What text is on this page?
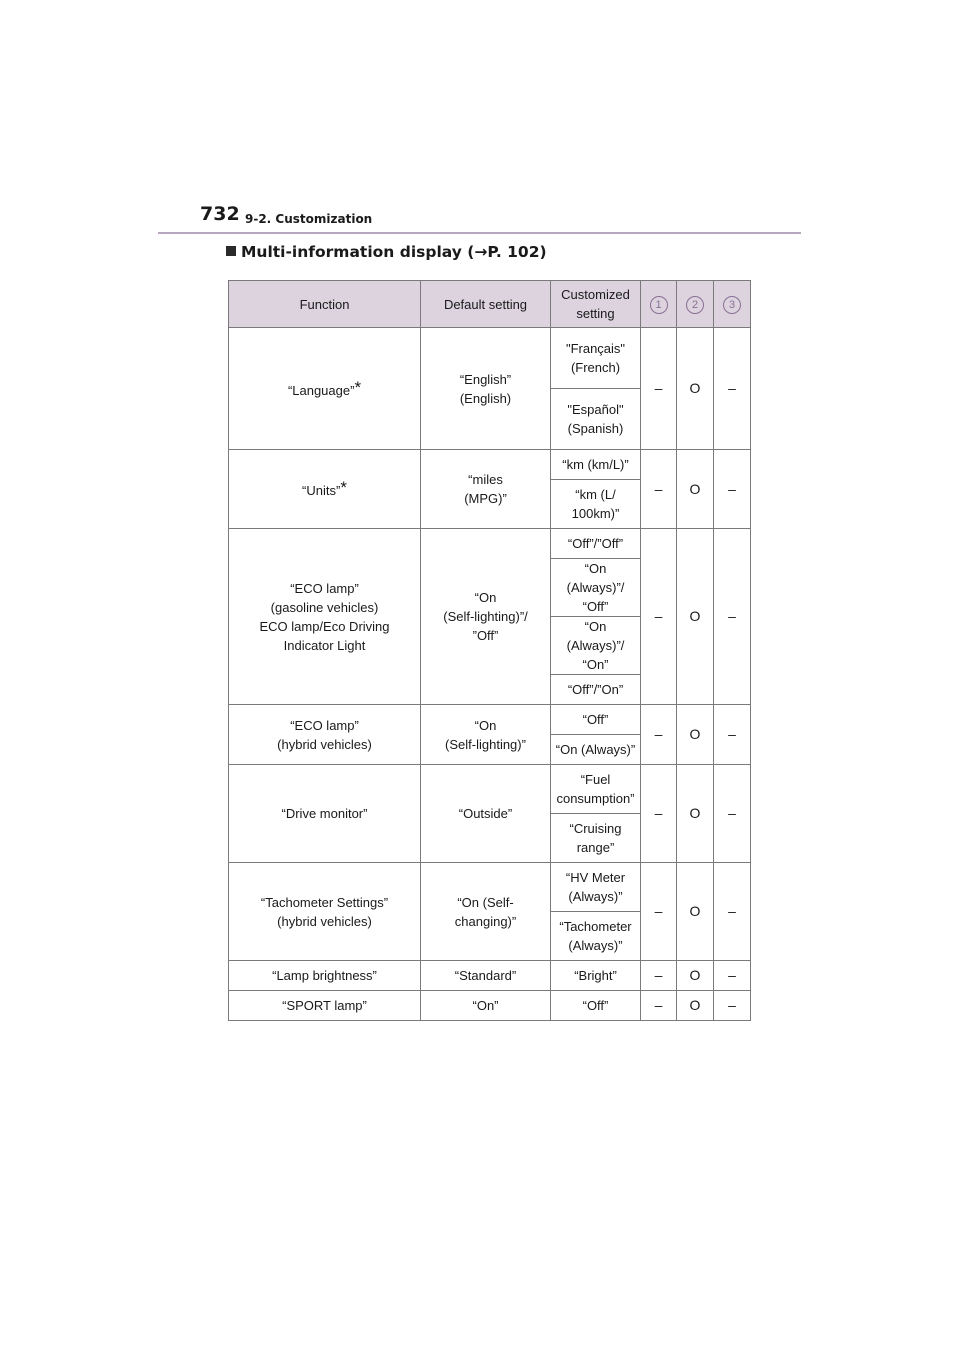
732 9-2. Customization
Multi-information display (→P. 102)
Function	Default setting	Customized
setting	1	2	3
“Language”*	“English”
(English)	"Français"
(French)	–	O	–
		"Español"
(Spanish)			
“Units”*	“miles
(MPG)”	“km (km/L)”	–	O	–
		“km (L/
100km)”			
“ECO lamp”
(gasoline vehicles)
ECO lamp/Eco Driving
Indicator Light	“On
(Self-lighting)”/
”Off”	“Off”/”Off”	–	O	–
		“On (Always)”/
“Off”			
		“On (Always)”/
“On”			
		“Off”/”On”			
“ECO lamp”
(hybrid vehicles)	“On
(Self-lighting)”	“Off”	–	O	–
		“On (Always)”			
“Drive monitor”	“Outside”	“Fuel
consumption”	–	O	–
		“Cruising
range”			
“Tachometer Settings”
(hybrid vehicles)	“On (Self-
changing)”	“HV Meter
(Always)”	–	O	–
		“Tachometer
(Always)”			
“Lamp brightness”	“Standard”	“Bright”	–	O	–
“SPORT lamp”	“On”	“Off”	–	O	–
